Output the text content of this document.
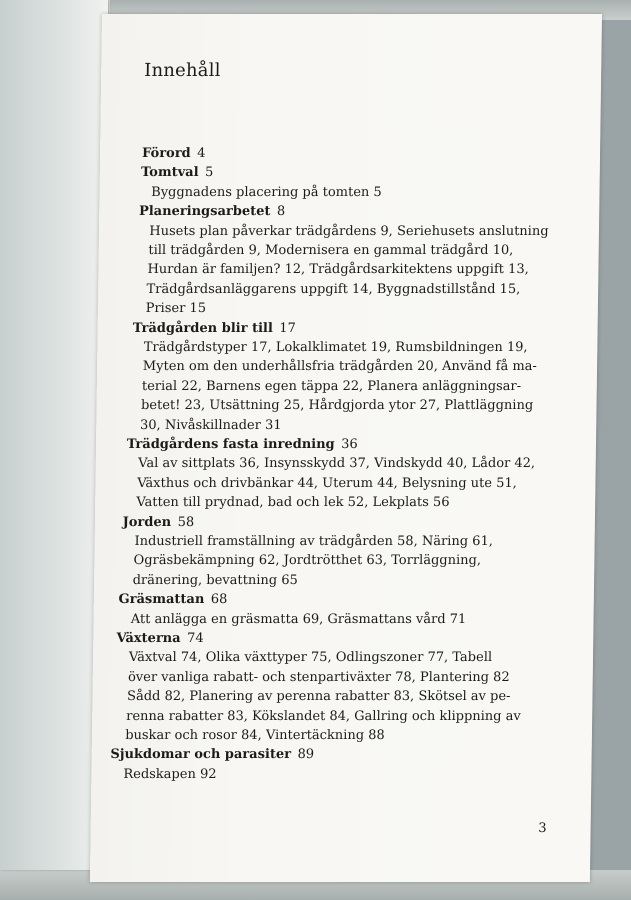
Innehåll
Förord  4
Tomtval  5
Byggnadens placering på tomten 5
Planeringsarbetet  8
Husets plan påverkar trädgårdens 9, Seriehusets anslutning
till trädgården 9, Modernisera en gammal trädgård 10,
Hurdan är familjen? 12, Trädgårdsarkitektens uppgift 13,
Trädgårdsanläggarens uppgift 14, Byggnadstillstånd 15,
Priser 15
Trädgården blir till  17
Trädgårdstyper 17, Lokalklimatet 19, Rumsbildningen 19,
Myten om den underhållsfria trädgården 20, Använd få ma-
terial 22, Barnens egen täppa 22, Planera anläggningsar-
betet! 23, Utsättning 25, Hårdgjorda ytor 27, Plattläggning
30, Nivåskillnader 31
Trädgårdens fasta inredning  36
Val av sittplats 36, Insynsskydd 37, Vindskydd 40, Lådor 42,
Växthus och drivbänkar 44, Uterum 44, Belysning ute 51,
Vatten till prydnad, bad och lek 52, Lekplats 56
Jorden  58
Industriell framställning av trädgården 58, Näring 61,
Ogräsbekämpning 62, Jordtrötthet 63, Torrläggning,
dränering, bevattning 65
Gräsmattan  68
Att anlägga en gräsmatta 69, Gräsmattans vård 71
Växterna  74
Växtval 74, Olika växttyper 75, Odlingszoner 77, Tabell
över vanliga rabatt- och stenpartiväxter 78, Plantering 82
Sådd 82, Planering av perenna rabatter 83, Skötsel av pe-
renna rabatter 83, Kökslandet 84, Gallring och klippning av
buskar och rosor 84, Vintertäckning 88
Sjukdomar och parasiter  89
Redskapen 92
3
